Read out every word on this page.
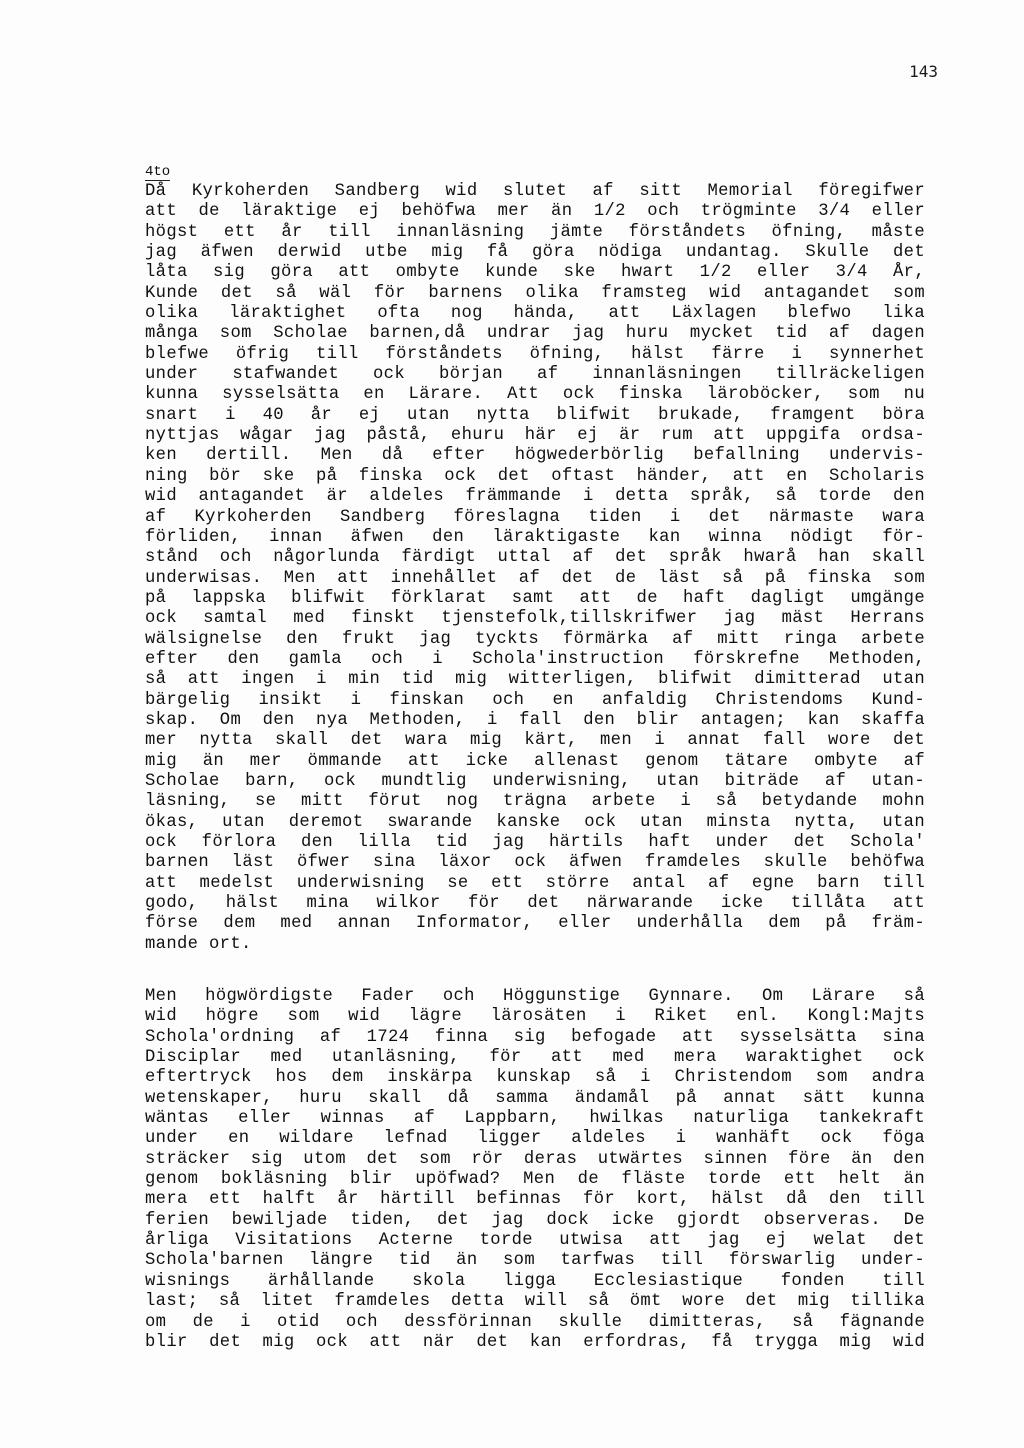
143
4to
Då Kyrkoherden Sandberg wid slutet af sitt Memorial föregifwer
att de läraktige ej behöfwa mer än 1/2 och trögminte 3/4 eller
högst ett år till innanläsning jämte förståndets öfning, måste
jag äfwen derwid utbe mig få göra nödiga undantag. Skulle det
låta sig göra att ombyte kunde ske hwart 1/2 eller 3/4 År,
Kunde det så wäl för barnens olika framsteg wid antagandet som
olika läraktighet ofta nog hända, att Läxlagen blefwo lika
många som Scholae barnen,då undrar jag huru mycket tid af dagen
blefwe öfrig till förståndets öfning, hälst färre i synnerhet
under stafwandet ock början af innanläsningen tillräckeligen
kunna sysselsätta en Lärare. Att ock finska läroböcker, som nu
snart i 40 år ej utan nytta blifwit brukade, framgent böra
nyttjas wågar jag påstå, ehuru här ej är rum att uppgifa ordsa-
ken dertill. Men då efter högwederbörlig befallning undervis-
ning bör ske på finska ock det oftast händer, att en Scholaris
wid antagandet är aldeles främmande i detta språk, så torde den
af Kyrkoherden Sandberg föreslagna tiden i det närmaste wara
förliden, innan äfwen den läraktigaste kan winna nödigt för-
stånd och någorlunda färdigt uttal af det språk hwarå han skall
underwisas. Men att innehållet af det de läst så på finska som
på lappska blifwit förklarat samt att de haft dagligt umgänge
ock samtal med finskt tjenstefolk,tillskrifwer jag mäst Herrans
wälsignelse den frukt jag tyckts förmärka af mitt ringa arbete
efter den gamla och i Schola'instruction förskrefne Methoden,
så att ingen i min tid mig witterligen, blifwit dimitterad utan
bärgelig insikt i finskan och en anfaldig Christendoms Kund-
skap. Om den nya Methoden, i fall den blir antagen; kan skaffa
mer nytta skall det wara mig kärt, men i annat fall wore det
mig än mer ömmande att icke allenast genom tätare ombyte af
Scholae barn, ock mundtlig underwisning, utan biträde af utan-
läsning, se mitt förut nog trägna arbete i så betydande mohn
ökas, utan deremot swarande kanske ock utan minsta nytta, utan
ock förlora den lilla tid jag härtils haft under det Schola'
barnen läst öfwer sina läxor ock äfwen framdeles skulle behöfwa
att medelst underwisning se ett större antal af egne barn till
godo, hälst mina wilkor för det närwarande icke tillåta att
förse dem med annan Informator, eller underhålla dem på främ-
mande ort.
Men högwördigste Fader och Höggunstige Gynnare. Om Lärare så
wid högre som wid lägre lärosäten i Riket enl. Kongl:Majts
Schola'ordning af 1724 finna sig befogade att sysselsätta sina
Disciplar med utanläsning, för att med mera waraktighet ock
eftertryck hos dem inskärpa kunskap så i Christendom som andra
wetenskaper, huru skall då samma ändamål på annat sätt kunna
wäntas eller winnas af Lappbarn, hwilkas naturliga tankekraft
under en wildare lefnad ligger aldeles i wanhäft ock föga
sträcker sig utom det som rör deras utwärtes sinnen före än den
genom bokläsning blir upöfwad? Men de fläste torde ett helt än
mera ett halft år härtill befinnas för kort, hälst då den till
ferien bewiljade tiden, det jag dock icke gjordt observeras. De
årliga Visitations Acterne torde utwisa att jag ej welat det
Schola'barnen längre tid än som tarfwas till förswarlig under-
wisnings ärhållande skola ligga Ecclesiastique fonden till
last; så litet framdeles detta will så ömt wore det mig tillika
om de i otid och dessförinnan skulle dimitteras, så fägnande
blir det mig ock att när det kan erfordras, få trygga mig wid
